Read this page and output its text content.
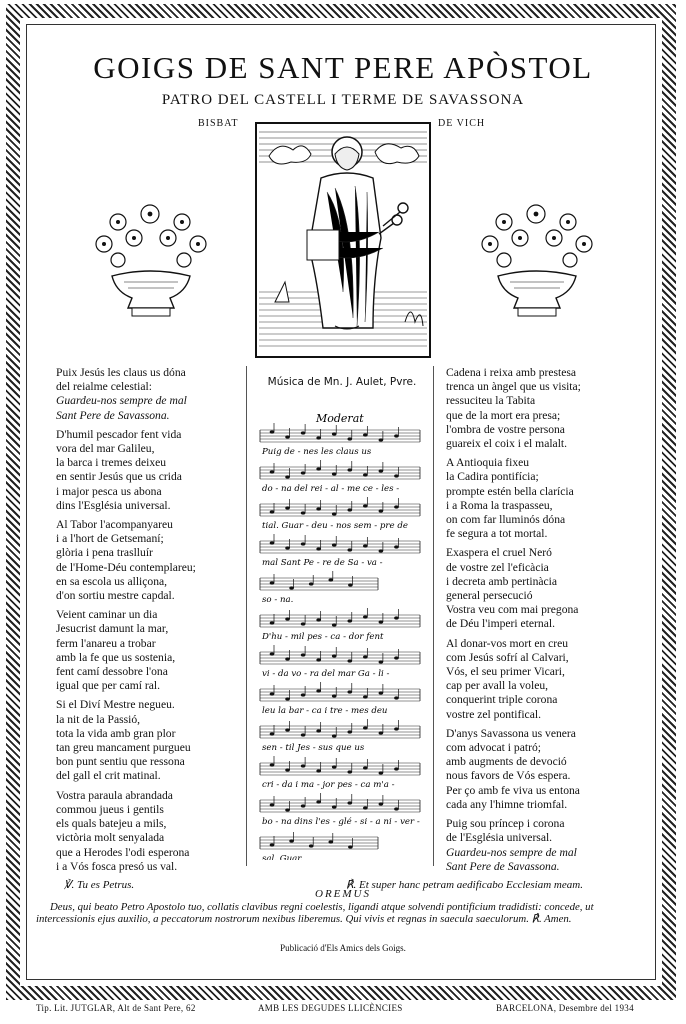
GOIGS DE SANT PERE APÒSTOL
PATRO DEL CASTELL I TERME DE SAVASSONA
BISBAT	DE VICH
Puix Jesús les claus us dóna
del reialme celestial:
Guardeu-nos sempre de mal
Sant Pere de Savassona.
D'humil pescador fent vida
vora del mar Galileu,
la barca i tremes deixeu
en sentir Jesús que us crida
i major pesca us abona
dins l'Església universal.
Al Tabor l'acompanyareu
i a l'hort de Getsemaní;
glòria i pena traslluír
de l'Home-Déu contemplareu;
en sa escola us alliçona,
d'on sortiu mestre capdal.
Veient caminar un dia
Jesucrist damunt la mar,
ferm l'anareu a trobar
amb la fe que us sostenia,
fent camí dessobre l'ona
igual que per camí ral.
Si el Diví Mestre negueu.
la nit de la Passió,
tota la vida amb gran plor
tan greu mancament purgueu
bon punt sentiu que ressona
del gall el crit matinal.
Vostra paraula abrandada
commou jueus i gentils
els quals batejeu a mils,
victòria molt senyalada
que a Herodes l'odi esperona
i a Vós fosca presó us val.
Cadena i reixa amb prestesa
trenca un àngel que us visita;
ressuciteu la Tabita
que de la mort era presa;
l'ombra de vostre persona
guareix el coix i el malalt.
A Antioquia fixeu
la Cadira pontifícia;
prompte estén bella clarícia
i a Roma la traspasseu,
on com far lluminós dóna
fe segura a tot mortal.
Exaspera el cruel Neró
de vostre zel l'eficàcia
i decreta amb pertinàcia
general persecució
Vostra veu com mai pregona
de Déu l'imperi eternal.
Al donar-vos mort en creu
com Jesús sofrí al Calvari,
Vós, el seu primer Vicari,
cap per avall la voleu,
conquerint triple corona
vostre zel pontifical.
D'anys Savassona us venera
com advocat i patró;
amb augments de devoció
nous favors de Vós espera.
Per ço amb fe viva us entona
cada any l'himne triomfal.
Puig sou príncep i corona
de l'Església universal.
Guardeu-nos sempre de mal
Sant Pere de Savassona.
Música de Mn. J. Aulet, Pvre.
Moderat
Puig de - nes les claus us
do - na del rei - al - me ce - les -
tial. Guar - deu - nos sem - pre de
mal Sant Pe - re de Sa - va -
so - na.
D'hu - mil pes - ca - dor fent
vi - da vo - ra del mar Ga - li -
leu la bar - ca i tre - mes deu
sen - til Jes - sus que us
cri - da i ma - jor pes - ca m'a -
bo - na dins l'es - glé - si - a ni - ver -
sal. Guar.
℣. Tu es Petrus.	℟. Et super hanc petram aedificabo Ecclesiam meam.
OREMUS
Deus, qui beato Petro Apostolo tuo, collatis clavibus regni coelestis, ligandi atque solvendi pontificium tradidisti: concede, ut intercessionis ejus auxilio, a peccatorum nostrorum nexibus liberemus. Qui vivis et regnas in saecula saeculorum. ℟. Amen.
Publicació d'Els Amics dels Goigs.
Tip. Lit. JUTGLAR, Alt de Sant Pere, 62	AMB LES DEGUDES LLICÈNCIES	BARCELONA, Desembre del 1934
